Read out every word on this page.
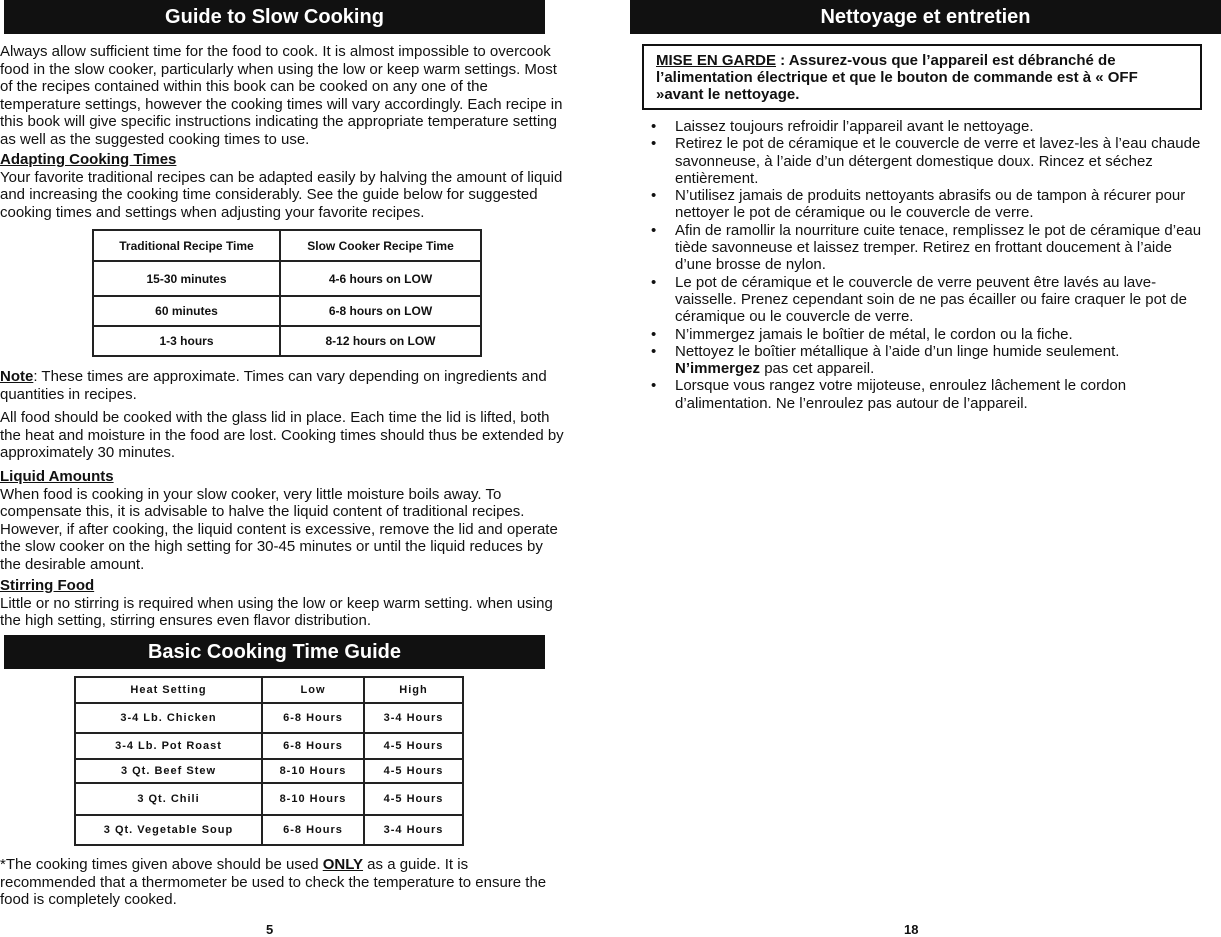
Guide to Slow Cooking

Always allow sufficient time for the food to cook. It is almost impossible to overcook food in the slow cooker, particularly when using the low or keep warm settings. Most of the recipes contained within this book can be cooked on any one of the temperature settings, however the cooking times will vary accordingly. Each recipe in this book will give specific instructions indicating the appropriate temperature setting as well as the suggested cooking times to use.

Adapting Cooking Times
Your favorite traditional recipes can be adapted easily by halving the amount of liquid and increasing the cooking time considerably. See the guide below for suggested cooking times and settings when adjusting your favorite recipes.

Traditional Recipe Time	Slow Cooker Recipe Time
15-30 minutes	4-6 hours on LOW
60 minutes	6-8 hours on LOW
1-3 hours	8-12 hours on LOW

Note: These times are approximate. Times can vary depending on ingredients and quantities in recipes.

All food should be cooked with the glass lid in place. Each time the lid is lifted, both the heat and moisture in the food are lost. Cooking times should thus be extended by approximately 30 minutes.

Liquid Amounts
When food is cooking in your slow cooker, very little moisture boils away. To compensate this, it is advisable to halve the liquid content of traditional recipes. However, if after cooking, the liquid content is excessive, remove the lid and operate the slow cooker on the high setting for 30-45 minutes or until the liquid reduces by the desirable amount.

Stirring Food
Little or no stirring is required when using the low or keep warm setting. when using the high setting, stirring ensures even flavor distribution.

Basic Cooking Time Guide
Heat Setting	Low	High
3-4 Lb. Chicken	6-8 Hours	3-4 Hours
3-4 Lb. Pot Roast	6-8 Hours	4-5 Hours
3 Qt. Beef Stew	8-10 Hours	4-5 Hours
3 Qt. Chili	8-10 Hours	4-5 Hours
3 Qt. Vegetable Soup	6-8 Hours	3-4 Hours

*The cooking times given above should be used ONLY as a guide. It is recommended that a thermometer be used to check the temperature to ensure the food is completely cooked.

5
Nettoyage et entretien
MISE EN GARDE : Assurez-vous que l’appareil est débranché de l’alimentation électrique et que le bouton de commande est à « OFF »avant le nettoyage.
• Laissez toujours refroidir l’appareil avant le nettoyage.
• Retirez le pot de céramique et le couvercle de verre et lavez-les à l’eau chaude savonneuse, à l’aide d’un détergent domestique doux. Rincez et séchez entièrement.
• N’utilisez jamais de produits nettoyants abrasifs ou de tampon à récurer pour nettoyer le pot de céramique ou le couvercle de verre.
• Afin de ramollir la nourriture cuite tenace, remplissez le pot de céramique d’eau tiède savonneuse et laissez tremper. Retirez en frottant doucement à l’aide d’une brosse de nylon.
• Le pot de céramique et le couvercle de verre peuvent être lavés au lave-vaisselle. Prenez cependant soin de ne pas écailler ou faire craquer le pot de céramique ou le couvercle de verre.
• N’immergez jamais le boîtier de métal, le cordon ou la fiche.
• Nettoyez le boîtier métallique à l’aide d’un linge humide seulement.
N’immergez pas cet appareil.
• Lorsque vous rangez votre mijoteuse, enroulez lâchement le cordon d’alimentation. Ne l’enroulez pas autour de l’appareil.
18
